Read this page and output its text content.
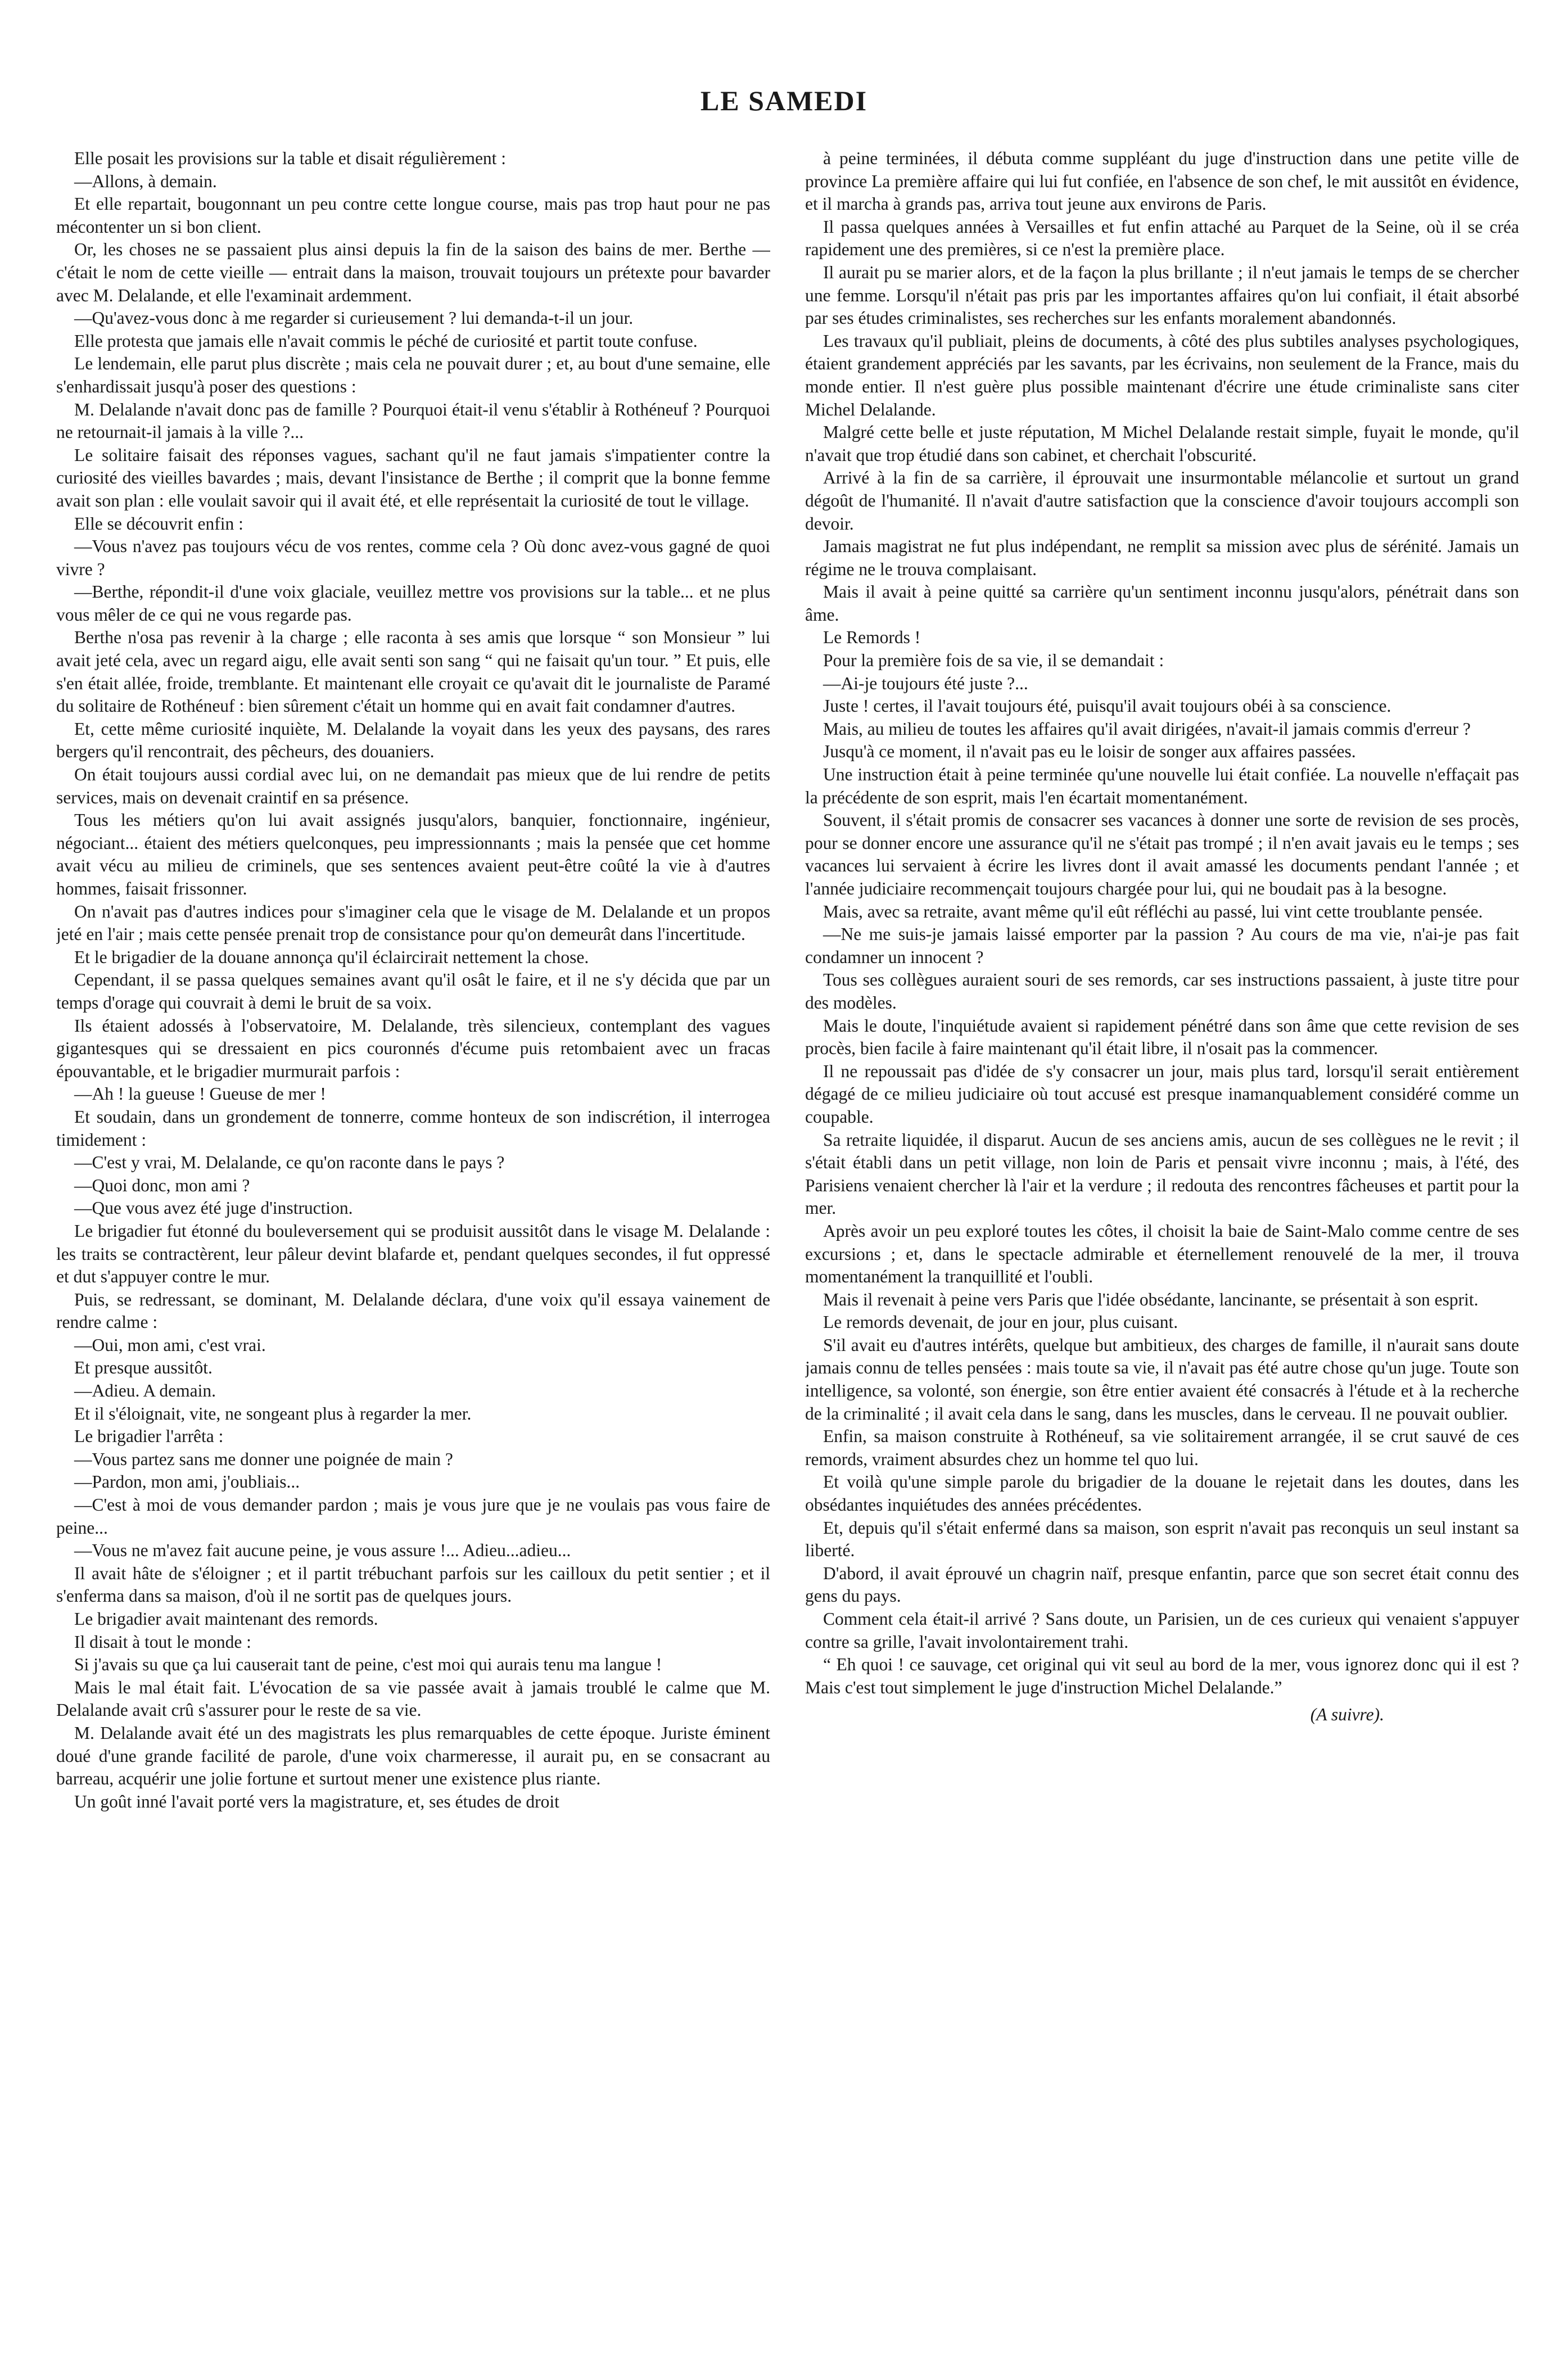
LE SAMEDI

Elle posait les provisions sur la table et disait régulièrement :

—Allons, à demain.

Et elle repartait, bougonnant un peu contre cette longue course, mais pas trop haut pour ne pas mécontenter un si bon client.

Or, les choses ne se passaient plus ainsi depuis la fin de la saison des bains de mer. Berthe — c'était le nom de cette vieille — entrait dans la maison, trouvait toujours un prétexte pour bavarder avec M. Delalande, et elle l'examinait ardemment.

—Qu'avez-vous donc à me regarder si curieusement ? lui demanda-t-il un jour.

Elle protesta que jamais elle n'avait commis le péché de curiosité et partit toute confuse.

Le lendemain, elle parut plus discrète ; mais cela ne pouvait durer ; et, au bout d'une semaine, elle s'enhardissait jusqu'à poser des questions :

M. Delalande n'avait donc pas de famille ? Pourquoi était-il venu s'établir à Rothéneuf ? Pourquoi ne retournait-il jamais à la ville ?...

Le solitaire faisait des réponses vagues, sachant qu'il ne faut jamais s'impatienter contre la curiosité des vieilles bavardes ; mais, devant l'insistance de Berthe ; il comprit que la bonne femme avait son plan : elle voulait savoir qui il avait été, et elle représentait la curiosité de tout le village.

Elle se découvrit enfin :

—Vous n'avez pas toujours vécu de vos rentes, comme cela ? Où donc avez-vous gagné de quoi vivre ?

—Berthe, répondit-il d'une voix glaciale, veuillez mettre vos provisions sur la table... et ne plus vous mêler de ce qui ne vous regarde pas.

Berthe n'osa pas revenir à la charge ; elle raconta à ses amis que lorsque “ son Monsieur ” lui avait jeté cela, avec un regard aigu, elle avait senti son sang “ qui ne faisait qu'un tour. ” Et puis, elle s'en était allée, froide, tremblante. Et maintenant elle croyait ce qu'avait dit le journaliste de Paramé du solitaire de Rothéneuf : bien sûrement c'était un homme qui en avait fait condamner d'autres.

Et, cette même curiosité inquiète, M. Delalande la voyait dans les yeux des paysans, des rares bergers qu'il rencontrait, des pêcheurs, des douaniers.

On était toujours aussi cordial avec lui, on ne demandait pas mieux que de lui rendre de petits services, mais on devenait craintif en sa présence.

Tous les métiers qu'on lui avait assignés jusqu'alors, banquier, fonctionnaire, ingénieur, négociant... étaient des métiers quelconques, peu impressionnants ; mais la pensée que cet homme avait vécu au milieu de criminels, que ses sentences avaient peut-être coûté la vie à d'autres hommes, faisait frissonner.

On n'avait pas d'autres indices pour s'imaginer cela que le visage de M. Delalande et un propos jeté en l'air ; mais cette pensée prenait trop de consistance pour qu'on demeurât dans l'incertitude.

Et le brigadier de la douane annonça qu'il éclaircirait nettement la chose.

Cependant, il se passa quelques semaines avant qu'il osât le faire, et il ne s'y décida que par un temps d'orage qui couvrait à demi le bruit de sa voix.

Ils étaient adossés à l'observatoire, M. Delalande, très silencieux, contemplant des vagues gigantesques qui se dressaient en pics couronnés d'écume puis retombaient avec un fracas épouvantable, et le brigadier murmurait parfois :

—Ah ! la gueuse ! Gueuse de mer !

Et soudain, dans un grondement de tonnerre, comme honteux de son indiscrétion, il interrogea timidement :

—C'est y vrai, M. Delalande, ce qu'on raconte dans le pays ?

—Quoi donc, mon ami ?

—Que vous avez été juge d'instruction.

Le brigadier fut étonné du bouleversement qui se produisit aussitôt dans le visage M. Delalande : les traits se contractèrent, leur pâleur devint blafarde et, pendant quelques secondes, il fut oppressé et dut s'appuyer contre le mur.

Puis, se redressant, se dominant, M. Delalande déclara, d'une voix qu'il essaya vainement de rendre calme :

—Oui, mon ami, c'est vrai.

Et presque aussitôt.

—Adieu. A demain.

Et il s'éloignait, vite, ne songeant plus à regarder la mer.

Le brigadier l'arrêta :

—Vous partez sans me donner une poignée de main ?

—Pardon, mon ami, j'oubliais...

—C'est à moi de vous demander pardon ; mais je vous jure que je ne voulais pas vous faire de peine...

—Vous ne m'avez fait aucune peine, je vous assure !... Adieu...adieu...

Il avait hâte de s'éloigner ; et il partit trébuchant parfois sur les cailloux du petit sentier ; et il s'enferma dans sa maison, d'où il ne sortit pas de quelques jours.

Le brigadier avait maintenant des remords.

Il disait à tout le monde :

Si j'avais su que ça lui causerait tant de peine, c'est moi qui aurais tenu ma langue !

Mais le mal était fait. L'évocation de sa vie passée avait à jamais troublé le calme que M. Delalande avait crû s'assurer pour le reste de sa vie.

M. Delalande avait été un des magistrats les plus remarquables de cette époque. Juriste éminent doué d'une grande facilité de parole, d'une voix charmeresse, il aurait pu, en se consacrant au barreau, acquérir une jolie fortune et surtout mener une existence plus riante.

Un goût inné l'avait porté vers la magistrature, et, ses études de droit

à peine terminées, il débuta comme suppléant du juge d'instruction dans une petite ville de province La première affaire qui lui fut confiée, en l'absence de son chef, le mit aussitôt en évidence, et il marcha à grands pas, arriva tout jeune aux environs de Paris.

Il passa quelques années à Versailles et fut enfin attaché au Parquet de la Seine, où il se créa rapidement une des premières, si ce n'est la première place.

Il aurait pu se marier alors, et de la façon la plus brillante ; il n'eut jamais le temps de se chercher une femme. Lorsqu'il n'était pas pris par les importantes affaires qu'on lui confiait, il était absorbé par ses études criminalistes, ses recherches sur les enfants moralement abandonnés.

Les travaux qu'il publiait, pleins de documents, à côté des plus subtiles analyses psychologiques, étaient grandement appréciés par les savants, par les écrivains, non seulement de la France, mais du monde entier. Il n'est guère plus possible maintenant d'écrire une étude criminaliste sans citer Michel Delalande.

Malgré cette belle et juste réputation, M Michel Delalande restait simple, fuyait le monde, qu'il n'avait que trop étudié dans son cabinet, et cherchait l'obscurité.

Arrivé à la fin de sa carrière, il éprouvait une insurmontable mélancolie et surtout un grand dégoût de l'humanité. Il n'avait d'autre satisfaction que la conscience d'avoir toujours accompli son devoir.

Jamais magistrat ne fut plus indépendant, ne remplit sa mission avec plus de sérénité. Jamais un régime ne le trouva complaisant.

Mais il avait à peine quitté sa carrière qu'un sentiment inconnu jusqu'alors, pénétrait dans son âme.

Le Remords !

Pour la première fois de sa vie, il se demandait :

—Ai-je toujours été juste ?...

Juste ! certes, il l'avait toujours été, puisqu'il avait toujours obéi à sa conscience.

Mais, au milieu de toutes les affaires qu'il avait dirigées, n'avait-il jamais commis d'erreur ?

Jusqu'à ce moment, il n'avait pas eu le loisir de songer aux affaires passées.

Une instruction était à peine terminée qu'une nouvelle lui était confiée. La nouvelle n'effaçait pas la précédente de son esprit, mais l'en écartait momentanément.

Souvent, il s'était promis de consacrer ses vacances à donner une sorte de revision de ses procès, pour se donner encore une assurance qu'il ne s'était pas trompé ; il n'en avait javais eu le temps ; ses vacances lui servaient à écrire les livres dont il avait amassé les documents pendant l'année ; et l'année judiciaire recommençait toujours chargée pour lui, qui ne boudait pas à la besogne.

Mais, avec sa retraite, avant même qu'il eût réfléchi au passé, lui vint cette troublante pensée.

—Ne me suis-je jamais laissé emporter par la passion ? Au cours de ma vie, n'ai-je pas fait condamner un innocent ?

Tous ses collègues auraient souri de ses remords, car ses instructions passaient, à juste titre pour des modèles.

Mais le doute, l'inquiétude avaient si rapidement pénétré dans son âme que cette revision de ses procès, bien facile à faire maintenant qu'il était libre, il n'osait pas la commencer.

Il ne repoussait pas d'idée de s'y consacrer un jour, mais plus tard, lorsqu'il serait entièrement dégagé de ce milieu judiciaire où tout accusé est presque inamanquablement considéré comme un coupable.

Sa retraite liquidée, il disparut. Aucun de ses anciens amis, aucun de ses collègues ne le revit ; il s'était établi dans un petit village, non loin de Paris et pensait vivre inconnu ; mais, à l'été, des Parisiens venaient chercher là l'air et la verdure ; il redouta des rencontres fâcheuses et partit pour la mer.

Après avoir un peu exploré toutes les côtes, il choisit la baie de Saint-Malo comme centre de ses excursions ; et, dans le spectacle admirable et éternellement renouvelé de la mer, il trouva momentanément la tranquillité et l'oubli.

Mais il revenait à peine vers Paris que l'idée obsédante, lancinante, se présentait à son esprit.

Le remords devenait, de jour en jour, plus cuisant.

S'il avait eu d'autres intérêts, quelque but ambitieux, des charges de famille, il n'aurait sans doute jamais connu de telles pensées : mais toute sa vie, il n'avait pas été autre chose qu'un juge. Toute son intelligence, sa volonté, son énergie, son être entier avaient été consacrés à l'étude et à la recherche de la criminalité ; il avait cela dans le sang, dans les muscles, dans le cerveau. Il ne pouvait oublier.

Enfin, sa maison construite à Rothéneuf, sa vie solitairement arrangée, il se crut sauvé de ces remords, vraiment absurdes chez un homme tel quo lui.

Et voilà qu'une simple parole du brigadier de la douane le rejetait dans les doutes, dans les obsédantes inquiétudes des années précédentes.

Et, depuis qu'il s'était enfermé dans sa maison, son esprit n'avait pas reconquis un seul instant sa liberté.

D'abord, il avait éprouvé un chagrin naïf, presque enfantin, parce que son secret était connu des gens du pays.

Comment cela était-il arrivé ? Sans doute, un Parisien, un de ces curieux qui venaient s'appuyer contre sa grille, l'avait involontairement trahi.

“ Eh quoi ! ce sauvage, cet original qui vit seul au bord de la mer, vous ignorez donc qui il est ? Mais c'est tout simplement le juge d'instruction Michel Delalande.”

(A suivre).
